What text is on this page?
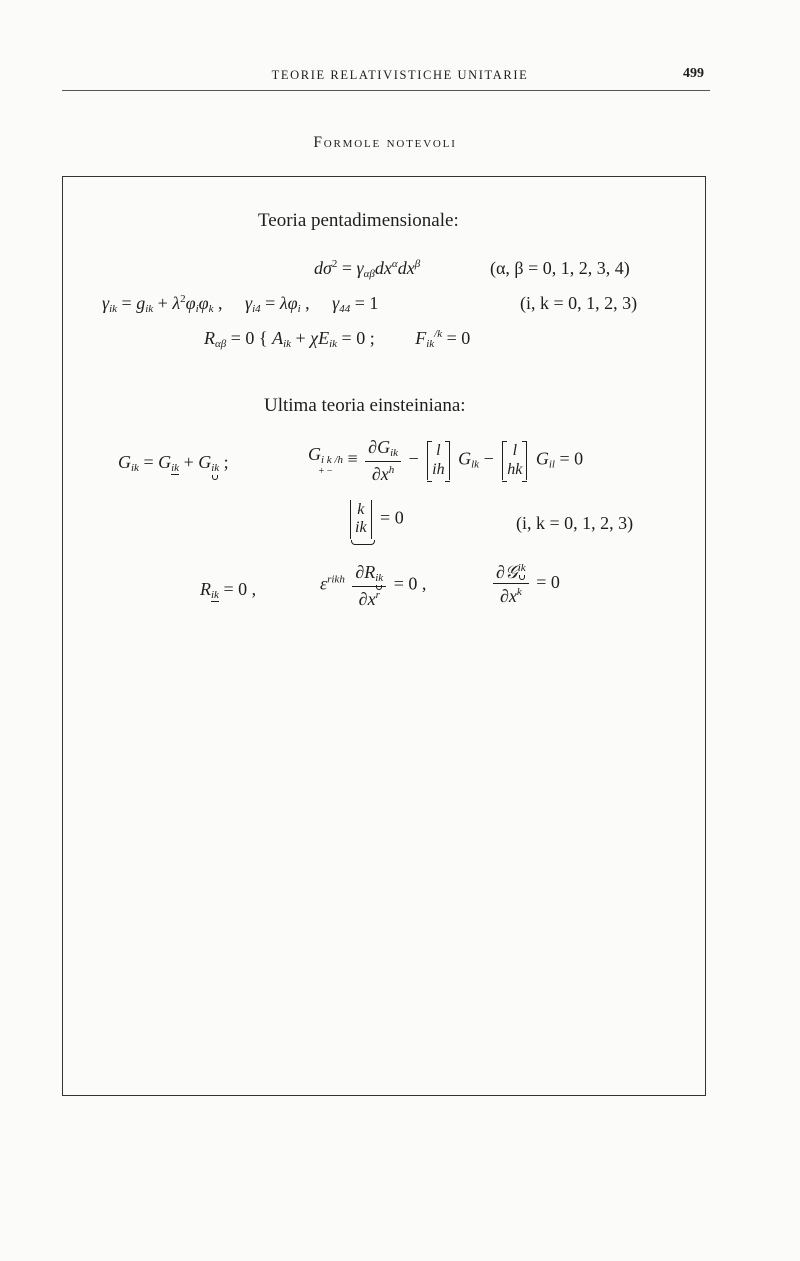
TEORIE RELATIVISTICHE UNITARIE	499
Formole notevoli
Teoria pentadimensionale:
$d\sigma^2 = \gamma_{\alpha\beta}dx^\alpha dx^\beta$	(α, β = 0, 1, 2, 3, 4)
$\gamma_{ik} = g_{ik} + \lambda^2\varphi_i\varphi_k$ ,     $\gamma_{i4} = \lambda\varphi_i$ ,     $\gamma_{44} = 1$	(i, k = 0, 1, 2, 3)
$R_{\alpha\beta} = 0$ { $A_{ik} + \chi E_{ik} = 0$ ;         $F_{ik}^{/k} = 0$
Ultima teoria einsteiniana:
$G_{ik} = G_{ik} + G_{ik}$ ;	$G_{i k /h}$
+ −
≡ $\frac{\partial G_{ik}}{\partial x^h} - l$
ih
$G_{lk} - l$
hk
$G_{il} = 0$
k
ik
= 0	(i, k = 0, 1, 2, 3)
$R_{ik} = 0$ ,	$\varepsilon^{rikh} \frac{\partial R_{ik}}{\partial x^r} = 0$ ,	$\frac{\partial 𝒢^{ik}}{\partial x^k} = 0$
